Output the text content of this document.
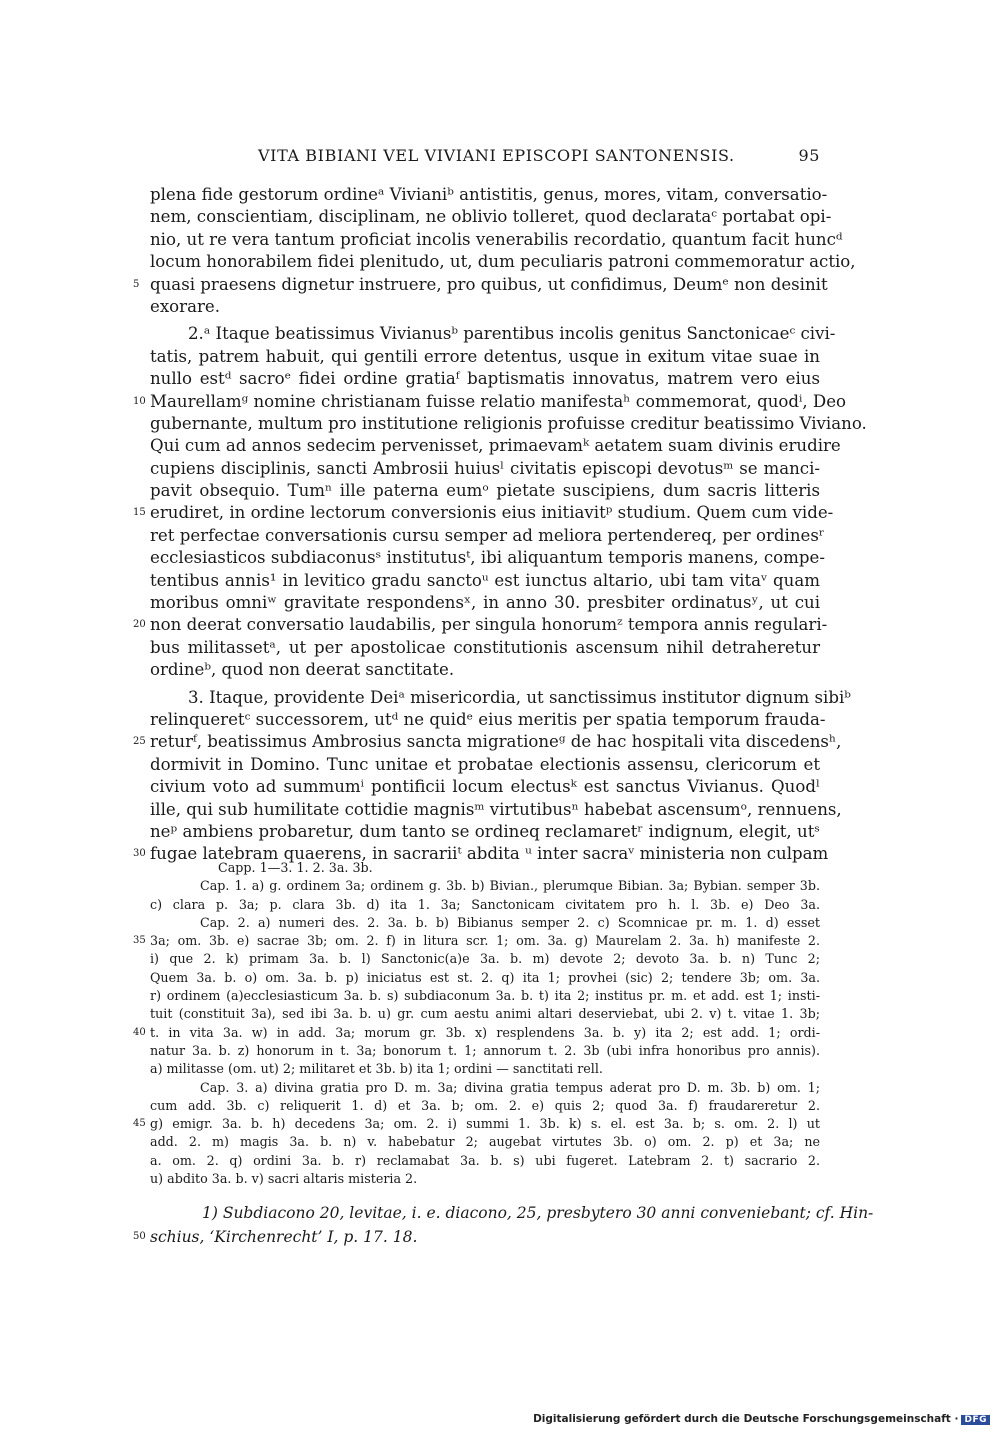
VITA BIBIANI VEL VIVIANI EPISCOPI SANTONENSIS.	95
plena fide gestorum ordineᵃ Vivianiᵇ antistitis, genus, mores, vitam, conversatio-
nem, conscientiam, disciplinam, ne oblivio tolleret, quod declarataᶜ portabat opi-
nio, ut re vera tantum proficiat incolis venerabilis recordatio, quantum facit huncᵈ
locum honorabilem fidei plenitudo, ut, dum peculiaris patroni commemoratur actio,
5 quasi praesens dignetur instruere, pro quibus, ut confidimus, Deumᵉ non desinit
exorare.
2.ᵃ Itaque beatissimus Vivianusᵇ parentibus incolis genitus Sanctonicaeᶜ civi-
tatis, patrem habuit, qui gentili errore detentus, usque in exitum vitae suae in
nullo estᵈ sacroᵉ fidei ordine gratiaᶠ baptismatis innovatus, matrem vero eius
10 Maurellamᵍ nomine christianam fuisse relatio manifestaʰ commemorat, quodⁱ, Deo
gubernante, multum pro institutione religionis profuisse creditur beatissimo Viviano.
Qui cum ad annos sedecim pervenisset, primaevamᵏ aetatem suam divinis erudire
cupiens disciplinis, sancti Ambrosii huiusˡ civitatis episcopi devotusᵐ se manci-
pavit obsequio. Tumⁿ ille paterna eumᵒ pietate suscipiens, dum sacris litteris
15 erudiret, in ordine lectorum conversionis eius initiavitᵖ studium. Quem cum vide-
ret perfectae conversationis cursu semper ad meliora pertendereq, per ordinesʳ
ecclesiasticos subdiaconusˢ institutusᵗ, ibi aliquantum temporis manens, compe-
tentibus annis¹ in levitico gradu sanctoᵘ est iunctus altario, ubi tam vitaᵛ quam
moribus omniʷ gravitate respondensˣ, in anno 30. presbiter ordinatusʸ, ut cui
20 non deerat conversatio laudabilis, per singula honorumᶻ tempora annis regulari-
bus militassetᵃ, ut per apostolicae constitutionis ascensum nihil detraheretur
ordineᵇ, quod non deerat sanctitate.
3. Itaque, providente Deiᵃ misericordia, ut sanctissimus institutor dignum sibiᵇ
relinqueretᶜ successorem, utᵈ ne quidᵉ eius meritis per spatia temporum frauda-
25 returᶠ, beatissimus Ambrosius sancta migrationeᵍ de hac hospitali vita discedensʰ,
dormivit in Domino. Tunc unitae et probatae electionis assensu, clericorum et
civium voto ad summumⁱ pontificii locum electusᵏ est sanctus Vivianus. Quodˡ
ille, qui sub humilitate cottidie magnisᵐ virtutibusⁿ habebat ascensumᵒ, rennuens,
neᵖ ambiens probaretur, dum tanto se ordineq reclamaretʳ indignum, elegit, utˢ
30 fugae latebram quaerens, in sacrariiᵗ abdita ᵘ inter sacraᵛ ministeria non culpam
Capp. 1—3. 1. 2. 3a. 3b.
Cap. 1. a) g. ordinem 3a; ordinem g. 3b. b) Bivian., plerumque Bibian. 3a; Bybian. semper 3b.
c) clara p. 3a; p. clara 3b. d) ita 1. 3a; Sanctonicam civitatem pro h. l. 3b. e) Deo 3a.
Cap. 2. a) numeri des. 2. 3a. b. b) Bibianus semper 2. c) Scomnicae pr. m. 1. d) esset
35 3a; om. 3b. e) sacrae 3b; om. 2. f) in litura scr. 1; om. 3a. g) Maurelam 2. 3a. h) manifeste 2.
i) que 2. k) primam 3a. b. l) Sanctonic(a)e 3a. b. m) devote 2; devoto 3a. b. n) Tunc 2;
Quem 3a. b. o) om. 3a. b. p) iniciatus est st. 2. q) ita 1; provhei (sic) 2; tendere 3b; om. 3a.
r) ordinem (a)ecclesiasticum 3a. b. s) subdiaconum 3a. b. t) ita 2; institus pr. m. et add. est 1; insti-
tuit (constituit 3a), sed ibi 3a. b. u) gr. cum aestu animi altari deserviebat, ubi 2. v) t. vitae 1. 3b;
40 t. in vita 3a. w) in add. 3a; morum gr. 3b. x) resplendens 3a. b. y) ita 2; est add. 1; ordi-
natur 3a. b. z) honorum in t. 3a; bonorum t. 1; annorum t. 2. 3b (ubi infra honoribus pro annis).
a) militasse (om. ut) 2; militaret et 3b. b) ita 1; ordini — sanctitati rell.
Cap. 3. a) divina gratia pro D. m. 3a; divina gratia tempus aderat pro D. m. 3b. b) om. 1;
cum add. 3b. c) reliquerit 1. d) et 3a. b; om. 2. e) quis 2; quod 3a. f) fraudareretur 2.
45 g) emigr. 3a. b. h) decedens 3a; om. 2. i) summi 1. 3b. k) s. el. est 3a. b; s. om. 2. l) ut
add. 2. m) magis 3a. b. n) v. habebatur 2; augebat virtutes 3b. o) om. 2. p) et 3a; ne
a. om. 2. q) ordini 3a. b. r) reclamabat 3a. b. s) ubi fugeret. Latebram 2. t) sacrario 2.
u) abdito 3a. b. v) sacri altaris misteria 2.
1) Subdiacono 20, levitae, i. e. diacono, 25, presbytero 30 anni conveniebant; cf. Hin-
50 schius, ‘Kirchenrecht’ I, p. 17. 18.
Digitalisierung gefördert durch die Deutsche Forschungsgemeinschaft · DFG
